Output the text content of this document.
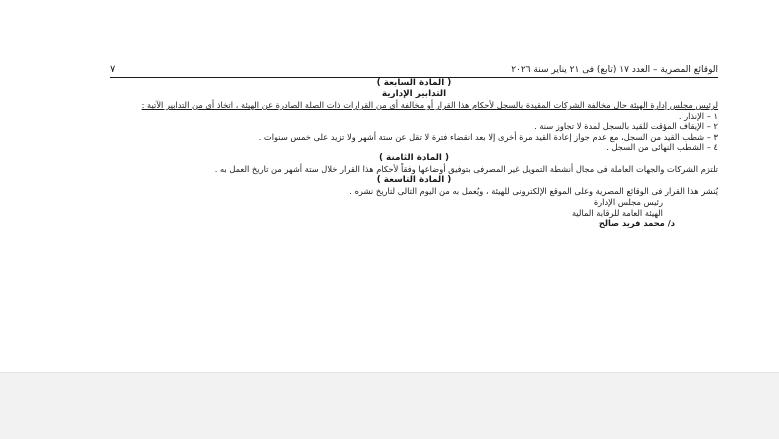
الوقائع المصرية – العدد ١٧ (تابع) فى ٢١ يناير سنة ٢٠٢٦
٧
( المادة السابعة )
التدابير الإدارية
لرئيس مجلس إدارة الهيئة حال مخالفة الشركات المقيدة بالسجل لأحكام هذا القرار أو مخالفة أى من القرارات ذات الصلة الصادرة عن الهيئة ، اتخاذ أى من التدابير الآتية :
١ – الإنذار .
٢ – الإيقاف المؤقت للقيد بالسجل لمدة لا تجاوز سنة .
٣ – شطب القيد من السجل، مع عدم جواز إعادة القيد مرة أخرى إلا بعد انقضاء فترة لا تقل عن ستة أشهر ولا تزيد على خمس سنوات .
٤ – الشطب النهائى من السجل .
( المادة الثامنة )
تلتزم الشركات والجهات العاملة فى مجال أنشطة التمويل غير المصرفى بتوفيق أوضاعها وفقاً لأحكام هذا القرار خلال ستة أشهر من تاريخ العمل به .
( المادة التاسعة )
يُنشر هذا القرار فى الوقائع المصرية وعلى الموقع الإلكترونى للهيئة ، ويُعمل به من اليوم التالى لتاريخ نشره .
رئيس مجلس الإدارة
الهيئة العامة للرقابة المالية
د/ محمد فريد صالح
